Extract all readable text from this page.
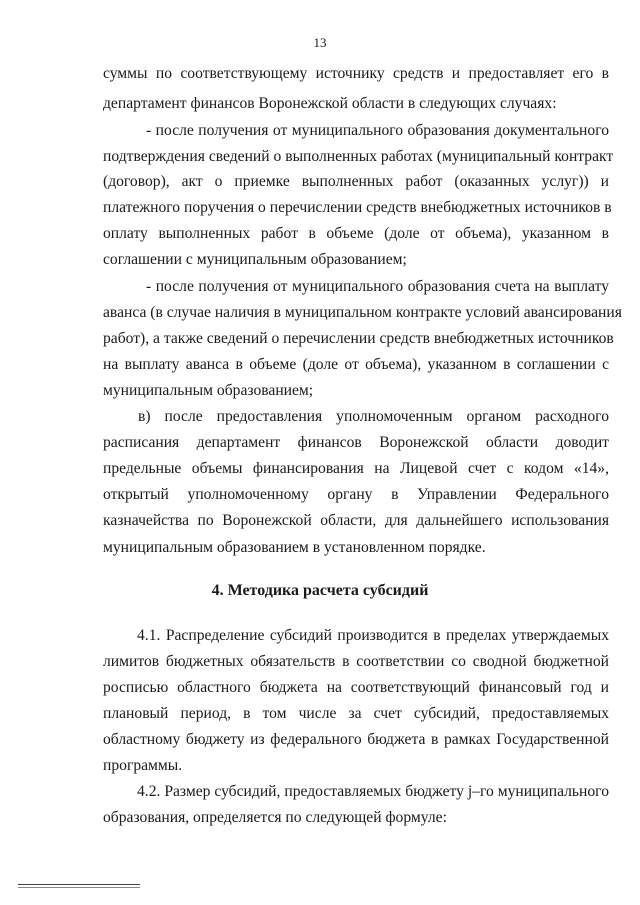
13
суммы по соответствующему источнику средств и предоставляет его в
департамент финансов Воронежской области в следующих случаях:
- после получения от муниципального образования документального
подтверждения сведений о выполненных работах (муниципальный контракт
(договор), акт о приемке выполненных работ (оказанных услуг)) и
платежного поручения о перечислении средств внебюджетных источников в
оплату выполненных работ в объеме (доле от объема), указанном в
соглашении с муниципальным образованием;
- после получения от муниципального образования счета на выплату
аванса (в случае наличия в муниципальном контракте условий авансирования
работ), а также сведений о перечислении средств внебюджетных источников
на выплату аванса в объеме (доле от объема), указанном в соглашении с
муниципальным образованием;
в) после предоставления уполномоченным органом расходного
расписания департамент финансов Воронежской области доводит
предельные объемы финансирования на Лицевой счет с кодом «14»,
открытый уполномоченному органу в Управлении Федерального
казначейства по Воронежской области, для дальнейшего использования
муниципальным образованием в установленном порядке.
4. Методика расчета субсидий
4.1. Распределение субсидий производится в пределах утверждаемых
лимитов бюджетных обязательств в соответствии со сводной бюджетной
росписью областного бюджета на соответствующий финансовый год и
плановый период, в том числе за счет субсидий, предоставляемых
областному бюджету из федерального бюджета в рамках Государственной
программы.
4.2. Размер субсидий, предоставляемых бюджету j–го муниципального
образования, определяется по следующей формуле:
